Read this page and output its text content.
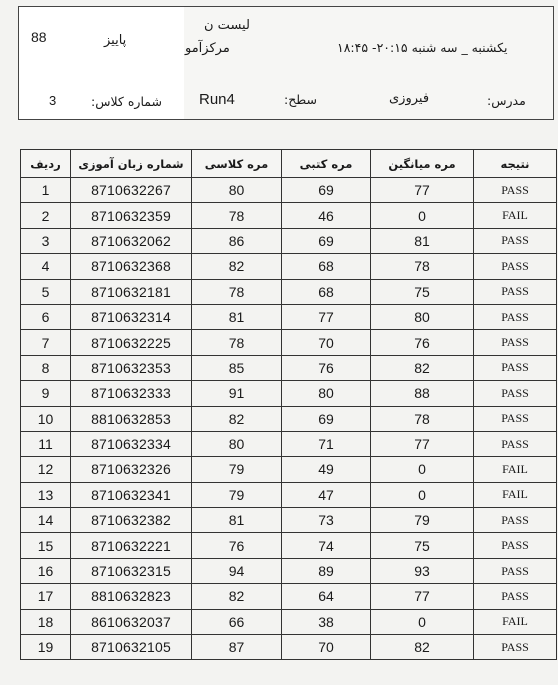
88	پاییز
لیست ن
مرکزآمو	یکشنبه _ سه شنبه ۲۰:۱۵- ۱۸:۴۵
3	شماره کلاس: Run4	سطح:	فیروزی	مدرس:
ردیف	شماره زبان آموزی	مره کلاسی	مره کتبی	مره میانگین	نتیجه
1	8710632267	80	69	77	PASS
2	8710632359	78	46	0	FAIL
3	8710632062	86	69	81	PASS
4	8710632368	82	68	78	PASS
5	8710632181	78	68	75	PASS
6	8710632314	81	77	80	PASS
7	8710632225	78	70	76	PASS
8	8710632353	85	76	82	PASS
9	8710632333	91	80	88	PASS
10	8810632853	82	69	78	PASS
11	8710632334	80	71	77	PASS
12	8710632326	79	49	0	FAIL
13	8710632341	79	47	0	FAIL
14	8710632382	81	73	79	PASS
15	8710632221	76	74	75	PASS
16	8710632315	94	89	93	PASS
17	8810632823	82	64	77	PASS
18	8610632037	66	38	0	FAIL
19	8710632105	87	70	82	PASS
